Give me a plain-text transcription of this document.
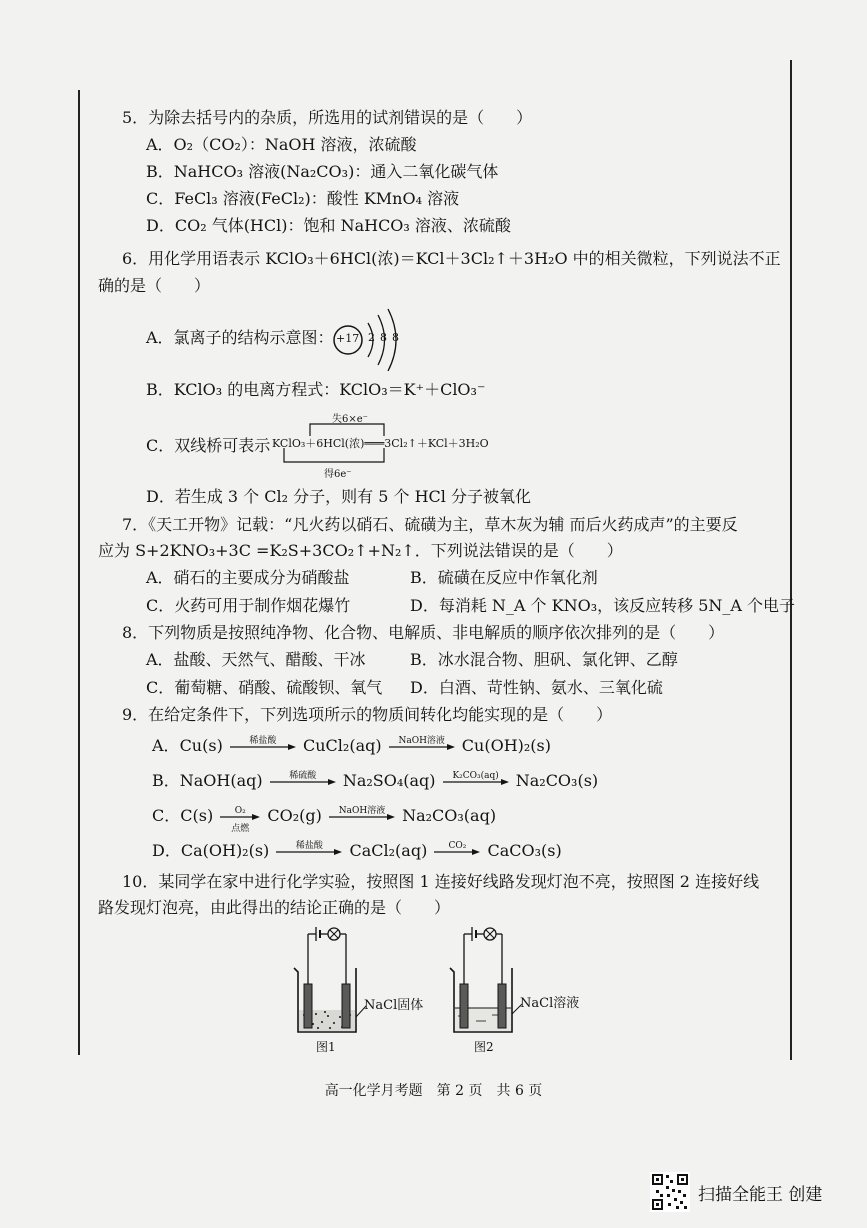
5．为除去括号内的杂质，所选用的试剂错误的是（　　）
A．O₂（CO₂）：NaOH 溶液，浓硫酸
B．NaHCO₃ 溶液(Na₂CO₃)：通入二氧化碳气体
C．FeCl₃ 溶液(FeCl₂)：酸性 KMnO₄ 溶液
D．CO₂ 气体(HCl)：饱和 NaHCO₃ 溶液、浓硫酸
6．用化学用语表示 KClO₃＋6HCl(浓)＝KCl＋3Cl₂↑＋3H₂O 中的相关微粒，下列说法不正
确的是（　　）
A．氯离子的结构示意图： +17 2 8 8
B．KClO₃ 的电离方程式：KClO₃＝K⁺＋ClO₃⁻
C．双线桥可表示
失6×e⁻
KClO₃＋6HCl(浓)═══3Cl₂↑＋KCl＋3H₂O
得6e⁻
D．若生成 3 个 Cl₂ 分子，则有 5 个 HCl 分子被氧化
7．《天工开物》记载：“凡火药以硝石、硫磺为主，草木灰为辅 而后火药成声”的主要反
应为 S+2KNO₃+3C =K₂S+3CO₂↑+N₂↑．下列说法错误的是（　　）
A．硝石的主要成分为硝酸盐	B．硫磺在反应中作氧化剂
C．火药可用于制作烟花爆竹	D．每消耗 N_A 个 KNO₃，该反应转移 5N_A 个电子
8．下列物质是按照纯净物、化合物、电解质、非电解质的顺序依次排列的是（　　）
A．盐酸、天然气、醋酸、干冰	B．冰水混合物、胆矾、氯化钾、乙醇
C．葡萄糖、硝酸、硫酸钡、氧气 D．白酒、苛性钠、氨水、三氧化硫
9．在给定条件下，下列选项所示的物质间转化均能实现的是（　　）
A．Cu(s)	稀盐酸	CuCl₂(aq)	NaOH溶液	Cu(OH)₂(s)
B．NaOH(aq)	稀硫酸	Na₂SO₄(aq)	K₂CO₃(aq)	Na₂CO₃(s)
C．C(s)	O₂
点燃
CO₂(g)	NaOH溶液	Na₂CO₃(aq)
D．Ca(OH)₂(s)	稀盐酸	CaCl₂(aq)	CO₂	CaCO₃(s)
10．某同学在家中进行化学实验，按照图 1 连接好线路发现灯泡不亮，按照图 2 连接好线
路发现灯泡亮，由此得出的结论正确的是（　　）
NaCl固体
图1
NaCl溶液
图2
高一化学月考题　第 2 页　共 6 页
扫描全能王 创建
